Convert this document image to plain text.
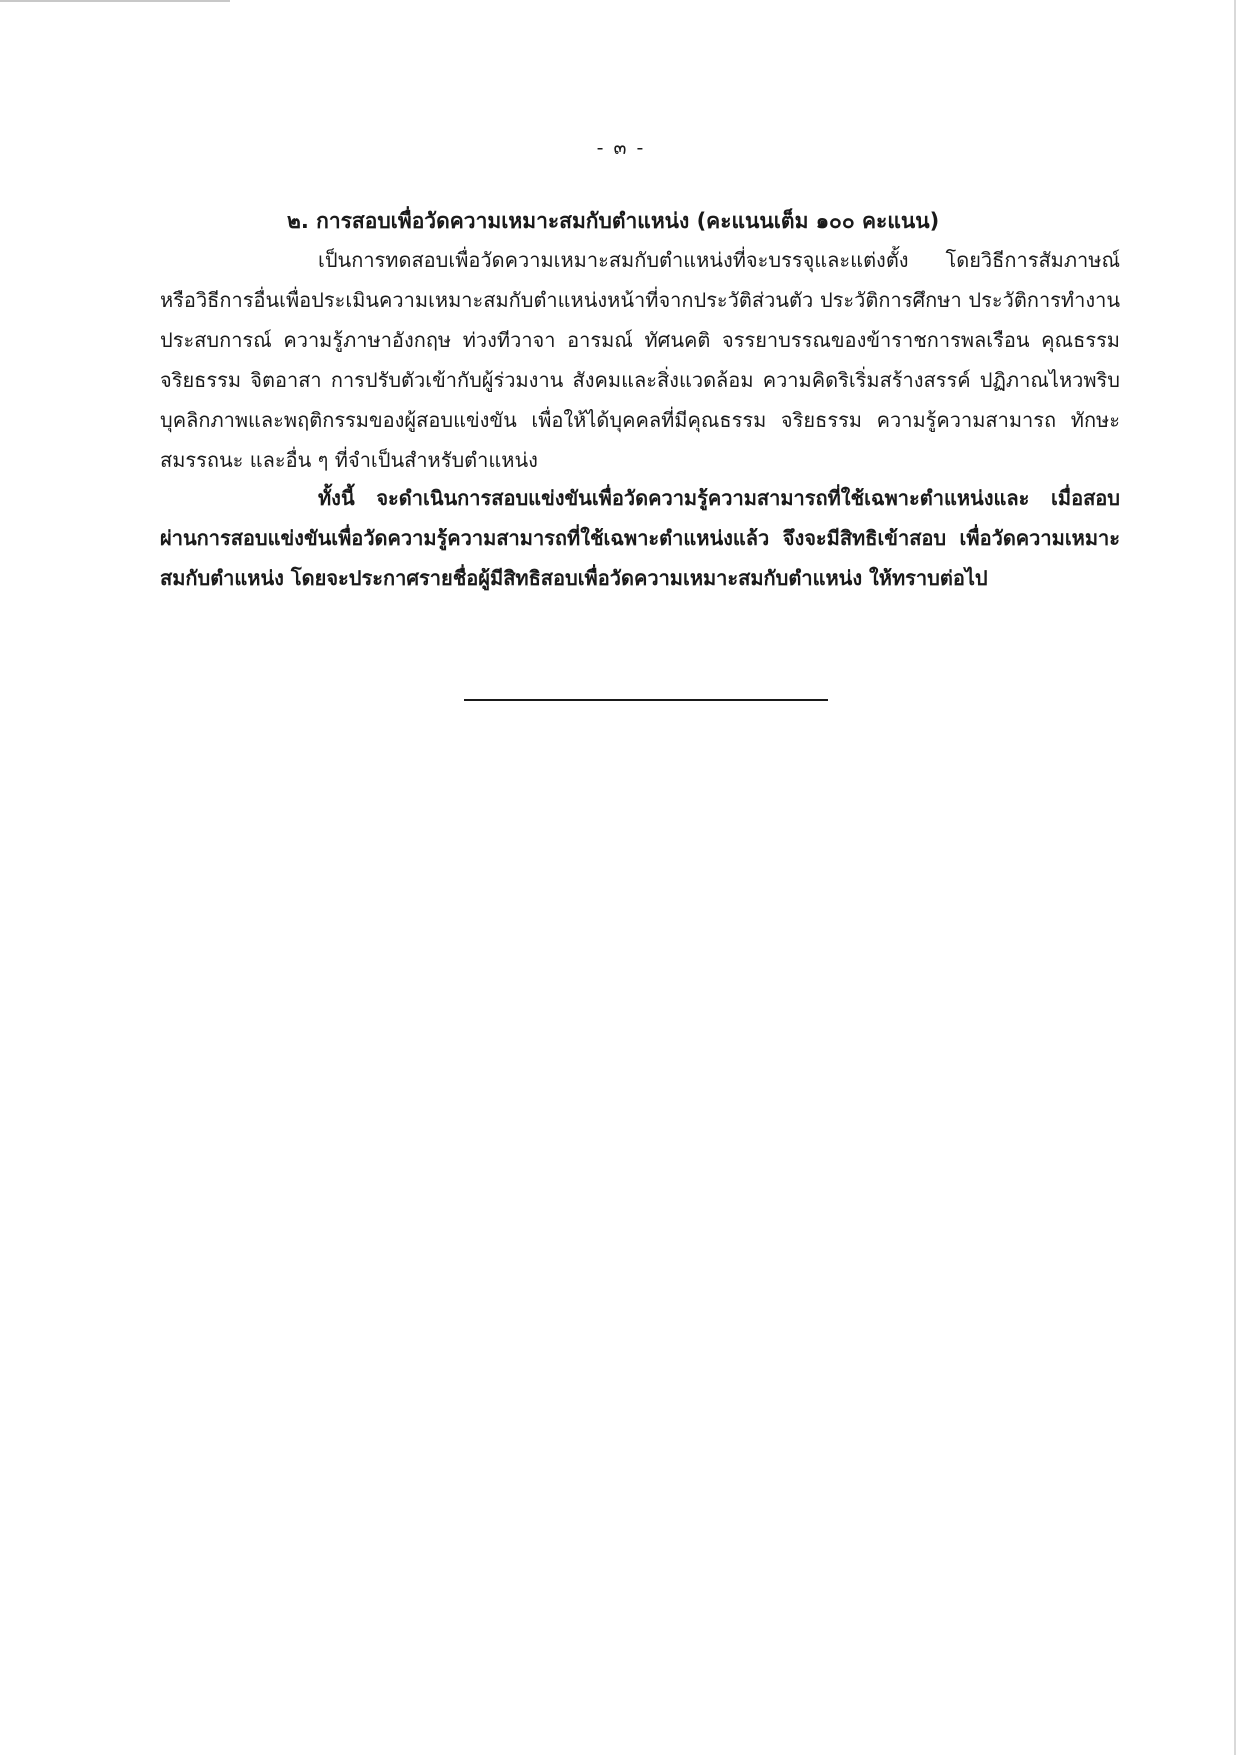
- ๓ -
๒. การสอบเพื่อวัดความเหมาะสมกับตำแหน่ง (คะแนนเต็ม ๑๐๐ คะแนน)
เป็นการทดสอบเพื่อวัดความเหมาะสมกับตำแหน่งที่จะบรรจุและแต่งตั้ง โดยวิธีการสัมภาษณ์ หรือวิธีการอื่นเพื่อประเมินความเหมาะสมกับตำแหน่งหน้าที่จากประวัติส่วนตัว ประวัติการศึกษา ประวัติการทำงาน ประสบการณ์ ความรู้ภาษาอังกฤษ ท่วงทีวาจา อารมณ์ ทัศนคติ จรรยาบรรณของข้าราชการพลเรือน คุณธรรม จริยธรรม จิตอาสา การปรับตัวเข้ากับผู้ร่วมงาน สังคมและสิ่งแวดล้อม ความคิดริเริ่มสร้างสรรค์ ปฏิภาณไหวพริบ บุคลิกภาพและพฤติกรรมของผู้สอบแข่งขัน เพื่อให้ได้บุคคลที่มีคุณธรรม จริยธรรม ความรู้ความสามารถ ทักษะ สมรรถนะ และอื่น ๆ ที่จำเป็นสำหรับตำแหน่ง
ทั้งนี้ จะดำเนินการสอบแข่งขันเพื่อวัดความรู้ความสามารถที่ใช้เฉพาะตำแหน่งและ เมื่อสอบผ่านการสอบแข่งขันเพื่อวัดความรู้ความสามารถที่ใช้เฉพาะตำแหน่งแล้ว จึงจะมีสิทธิเข้าสอบ เพื่อวัดความเหมาะสมกับตำแหน่ง โดยจะประกาศรายชื่อผู้มีสิทธิสอบเพื่อวัดความเหมาะสมกับตำแหน่ง ให้ทราบต่อไป
